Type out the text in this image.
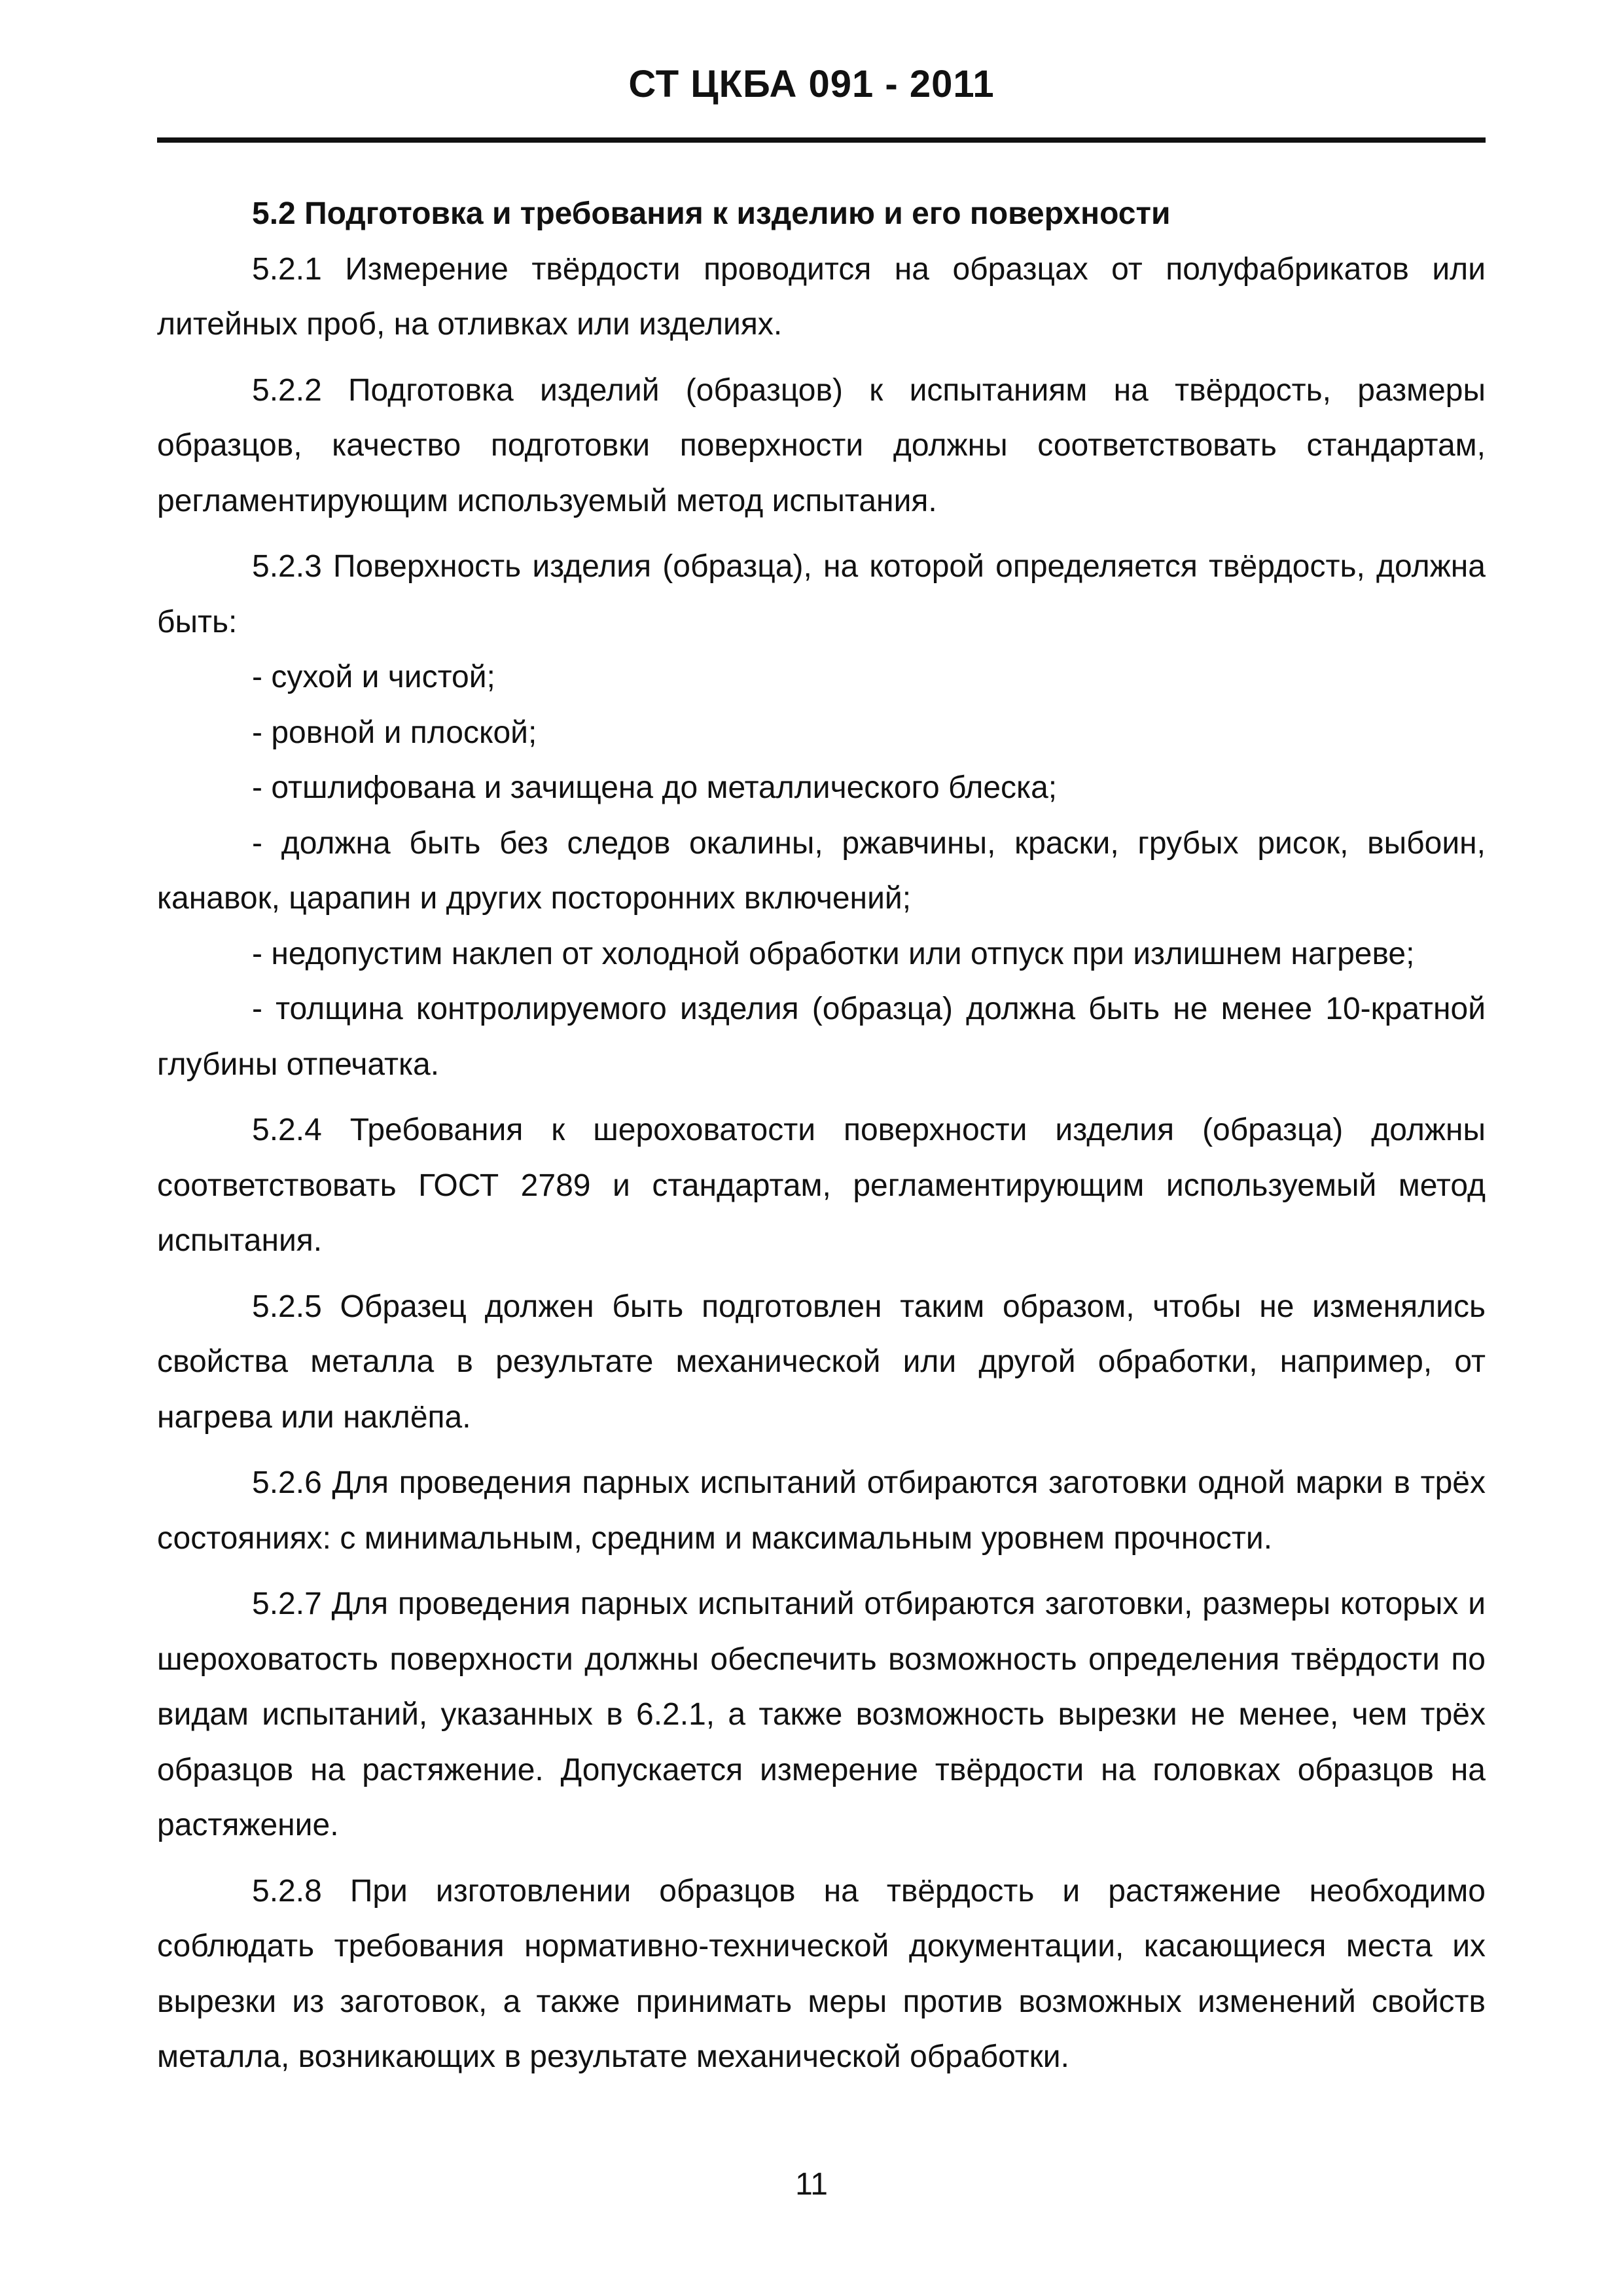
СТ ЦКБА 091 - 2011

5.2 Подготовка и требования к изделию и его поверхности

5.2.1 Измерение твёрдости проводится на образцах от полуфабрикатов или литейных проб, на отливках или изделиях.

5.2.2 Подготовка изделий (образцов) к испытаниям на твёрдость, размеры образцов, качество подготовки поверхности должны соответствовать стандартам, регламентирующим используемый метод испытания.

5.2.3 Поверхность изделия (образца), на которой определяется твёрдость, должна быть:

- сухой и чистой;

- ровной и плоской;

- отшлифована и зачищена до металлического блеска;

- должна быть без следов окалины, ржавчины, краски, грубых рисок, выбоин, канавок, царапин и других посторонних включений;

- недопустим наклеп от холодной обработки или отпуск при излишнем нагреве;

- толщина контролируемого изделия (образца) должна быть не менее 10-кратной глубины отпечатка.

5.2.4 Требования к шероховатости поверхности изделия (образца) должны соответствовать ГОСТ 2789 и стандартам, регламентирующим используемый метод испытания.

5.2.5 Образец должен быть подготовлен таким образом, чтобы не изменялись свойства металла в результате механической или другой обработки, например, от нагрева или наклёпа.

5.2.6 Для проведения парных испытаний отбираются заготовки одной марки в трёх состояниях: с минимальным, средним и максимальным уровнем прочности.

5.2.7 Для проведения парных испытаний отбираются заготовки, размеры которых и шероховатость поверхности должны обеспечить возможность определения твёрдости по видам испытаний, указанных в 6.2.1, а также возможность вырезки не менее, чем трёх образцов на растяжение. Допускается измерение твёрдости на головках образцов на растяжение.

5.2.8 При изготовлении образцов на твёрдость и растяжение необходимо соблюдать требования нормативно-технической документации, касающиеся места их вырезки из заготовок, а также принимать меры против возможных изменений свойств металла, возникающих в результате механической обработки.

11
